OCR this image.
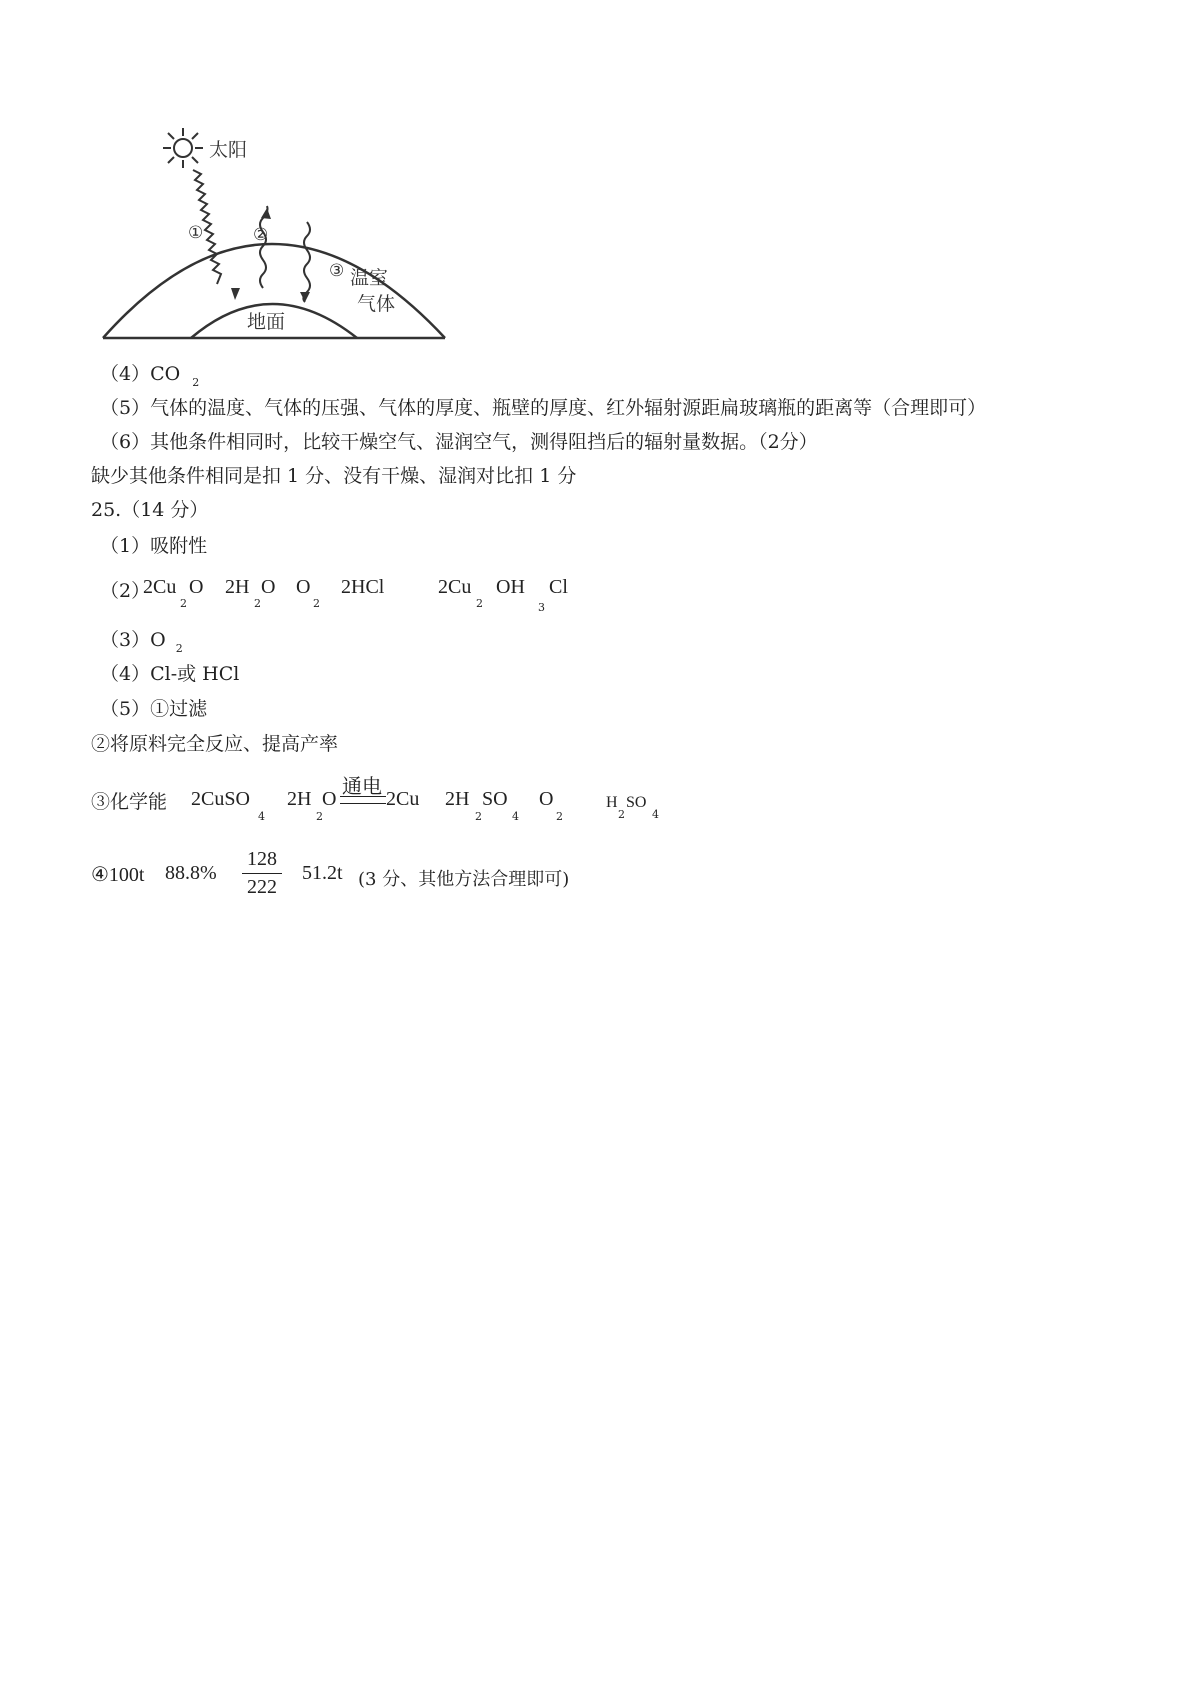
太阳
①	②
③ 温室
气体
地面
（4）CO $_2$
（5）气体的温度、气体的压强、气体的厚度、瓶壁的厚度、红外辐射源距扁玻璃瓶的距离等（合理即可）
（6）其他条件相同时，比较干燥空气、湿润空气，测得阻挡后的辐射量数据。（2分）
缺少其他条件相同是扣 1 分、没有干燥、湿润对比扣 1 分
25.（14 分）
（1）吸附性
（2）
2Cu
2
O 2H
2
O O
2
2HCl	2Cu
2
OH
3
Cl
（3）O $_2$
（4）Cl-或 HCl
（5）①过滤
②将原料完全反应、提高产率
③化学能 2CuSO
4
2H
2
O
通电
2Cu 2H
2
SO
4
O
2
H
2
SO
4
④100t 88.8%
128
222
51.2t (3 分、其他方法合理即可)
